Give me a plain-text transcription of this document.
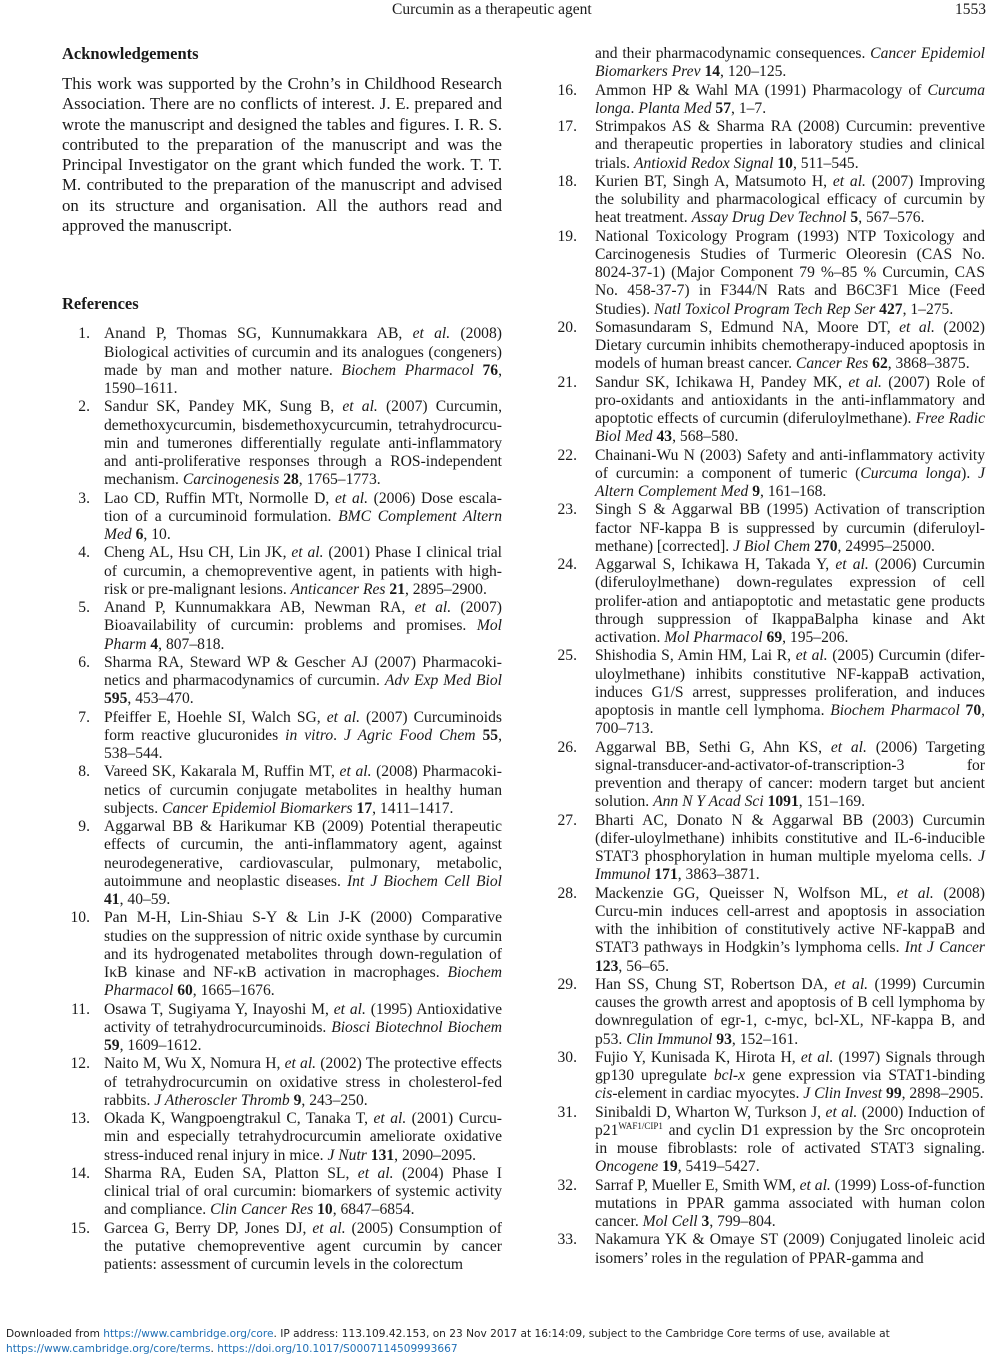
Curcumin as a therapeutic agent	1553
Acknowledgements

This work was supported by the Crohn’s in Childhood Research Association. There are no conflicts of interest. J. E. prepared and wrote the manuscript and designed the tables and figures. I. R. S. contributed to the preparation of the manuscript and was the Principal Investigator on the grant which funded the work. T. T. M. contributed to the preparation of the manuscript and advised on its structure and organisation. All the authors read and approved the manuscript.

References
1. Anand P, Thomas SG, Kunnumakkara AB, et al. (2008) Biological activities of curcumin and its analogues (congeners) made by man and mother nature. Biochem Pharmacol 76, 1590–1611.
2. Sandur SK, Pandey MK, Sung B, et al. (2007) Curcumin, demethoxycurcumin, bisdemethoxycurcumin, tetrahydrocurcu-min and tumerones differentially regulate anti-inflammatory and anti-proliferative responses through a ROS-independent mechanism. Carcinogenesis 28, 1765–1773.
3. Lao CD, Ruffin MTt, Normolle D, et al. (2006) Dose escala-tion of a curcuminoid formulation. BMC Complement Altern Med 6, 10.
4. Cheng AL, Hsu CH, Lin JK, et al. (2001) Phase I clinical trial of curcumin, a chemopreventive agent, in patients with high-risk or pre-malignant lesions. Anticancer Res 21, 2895–2900.
5. Anand P, Kunnumakkara AB, Newman RA, et al. (2007) Bioavailability of curcumin: problems and promises. Mol Pharm 4, 807–818.
6. Sharma RA, Steward WP & Gescher AJ (2007) Pharmacoki-netics and pharmacodynamics of curcumin. Adv Exp Med Biol 595, 453–470.
7. Pfeiffer E, Hoehle SI, Walch SG, et al. (2007) Curcuminoids form reactive glucuronides in vitro. J Agric Food Chem 55, 538–544.
8. Vareed SK, Kakarala M, Ruffin MT, et al. (2008) Pharmacoki-netics of curcumin conjugate metabolites in healthy human subjects. Cancer Epidemiol Biomarkers 17, 1411–1417.
9. Aggarwal BB & Harikumar KB (2009) Potential therapeutic effects of curcumin, the anti-inflammatory agent, against neurodegenerative, cardiovascular, pulmonary, metabolic, autoimmune and neoplastic diseases. Int J Biochem Cell Biol 41, 40–59.
10. Pan M-H, Lin-Shiau S-Y & Lin J-K (2000) Comparative studies on the suppression of nitric oxide synthase by curcumin and its hydrogenated metabolites through down-regulation of IκB kinase and NF-κB activation in macrophages. Biochem Pharmacol 60, 1665–1676.
11. Osawa T, Sugiyama Y, Inayoshi M, et al. (1995) Antioxidative activity of tetrahydrocurcuminoids. Biosci Biotechnol Biochem 59, 1609–1612.
12. Naito M, Wu X, Nomura H, et al. (2002) The protective effects of tetrahydrocurcumin on oxidative stress in cholesterol-fed rabbits. J Atheroscler Thromb 9, 243–250.
13. Okada K, Wangpoengtrakul C, Tanaka T, et al. (2001) Curcu-min and especially tetrahydrocurcumin ameliorate oxidative stress-induced renal injury in mice. J Nutr 131, 2090–2095.
14. Sharma RA, Euden SA, Platton SL, et al. (2004) Phase I clinical trial of oral curcumin: biomarkers of systemic activity and compliance. Clin Cancer Res 10, 6847–6854.
15. Garcea G, Berry DP, Jones DJ, et al. (2005) Consumption of the putative chemopreventive agent curcumin by cancer patients: assessment of curcumin levels in the colorectum
and their pharmacodynamic consequences. Cancer Epidemiol Biomarkers Prev 14, 120–125.
16. Ammon HP & Wahl MA (1991) Pharmacology of Curcuma longa. Planta Med 57, 1–7.
17. Strimpakos AS & Sharma RA (2008) Curcumin: preventive and therapeutic properties in laboratory studies and clinical trials. Antioxid Redox Signal 10, 511–545.
18. Kurien BT, Singh A, Matsumoto H, et al. (2007) Improving the solubility and pharmacological efficacy of curcumin by heat treatment. Assay Drug Dev Technol 5, 567–576.
19. National Toxicology Program (1993) NTP Toxicology and Carcinogenesis Studies of Turmeric Oleoresin (CAS No. 8024-37-1) (Major Component 79 %–85 % Curcumin, CAS No. 458-37-7) in F344/N Rats and B6C3F1 Mice (Feed Studies). Natl Toxicol Program Tech Rep Ser 427, 1–275.
20. Somasundaram S, Edmund NA, Moore DT, et al. (2002) Dietary curcumin inhibits chemotherapy-induced apoptosis in models of human breast cancer. Cancer Res 62, 3868–3875.
21. Sandur SK, Ichikawa H, Pandey MK, et al. (2007) Role of pro-oxidants and antioxidants in the anti-inflammatory and apoptotic effects of curcumin (diferuloylmethane). Free Radic Biol Med 43, 568–580.
22. Chainani-Wu N (2003) Safety and anti-inflammatory activity of curcumin: a component of tumeric (Curcuma longa). J Altern Complement Med 9, 161–168.
23. Singh S & Aggarwal BB (1995) Activation of transcription factor NF-kappa B is suppressed by curcumin (diferuloyl-methane) [corrected]. J Biol Chem 270, 24995–25000.
24. Aggarwal S, Ichikawa H, Takada Y, et al. (2006) Curcumin (diferuloylmethane) down-regulates expression of cell prolifer-ation and antiapoptotic and metastatic gene products through suppression of IkappaBalpha kinase and Akt activation. Mol Pharmacol 69, 195–206.
25. Shishodia S, Amin HM, Lai R, et al. (2005) Curcumin (difer-uloylmethane) inhibits constitutive NF-kappaB activation, induces G1/S arrest, suppresses proliferation, and induces apoptosis in mantle cell lymphoma. Biochem Pharmacol 70, 700–713.
26. Aggarwal BB, Sethi G, Ahn KS, et al. (2006) Targeting signal-transducer-and-activator-of-transcription-3 for prevention and therapy of cancer: modern target but ancient solution. Ann N Y Acad Sci 1091, 151–169.
27. Bharti AC, Donato N & Aggarwal BB (2003) Curcumin (difer-uloylmethane) inhibits constitutive and IL-6-inducible STAT3 phosphorylation in human multiple myeloma cells. J Immunol 171, 3863–3871.
28. Mackenzie GG, Queisser N, Wolfson ML, et al. (2008) Curcu-min induces cell-arrest and apoptosis in association with the inhibition of constitutively active NF-kappaB and STAT3 pathways in Hodgkin’s lymphoma cells. Int J Cancer 123, 56–65.
29. Han SS, Chung ST, Robertson DA, et al. (1999) Curcumin causes the growth arrest and apoptosis of B cell lymphoma by downregulation of egr-1, c-myc, bcl-XL, NF-kappa B, and p53. Clin Immunol 93, 152–161.
30. Fujio Y, Kunisada K, Hirota H, et al. (1997) Signals through gp130 upregulate bcl-x gene expression via STAT1-binding cis-element in cardiac myocytes. J Clin Invest 99, 2898–2905.
31. Sinibaldi D, Wharton W, Turkson J, et al. (2000) Induction of $p21^{WAF1/CIP1}$ and cyclin D1 expression by the Src oncoprotein in mouse fibroblasts: role of activated STAT3 signaling. Oncogene 19, 5419–5427.
32. Sarraf P, Mueller E, Smith WM, et al. (1999) Loss-of-function mutations in PPAR gamma associated with human colon cancer. Mol Cell 3, 799–804.
33. Nakamura YK & Omaye ST (2009) Conjugated linoleic acid isomers’ roles in the regulation of PPAR-gamma and
Downloaded from https://www.cambridge.org/core. IP address: 113.109.42.153, on 23 Nov 2017 at 16:14:09, subject to the Cambridge Core terms of use, available at
https://www.cambridge.org/core/terms. https://doi.org/10.1017/S0007114509993667
